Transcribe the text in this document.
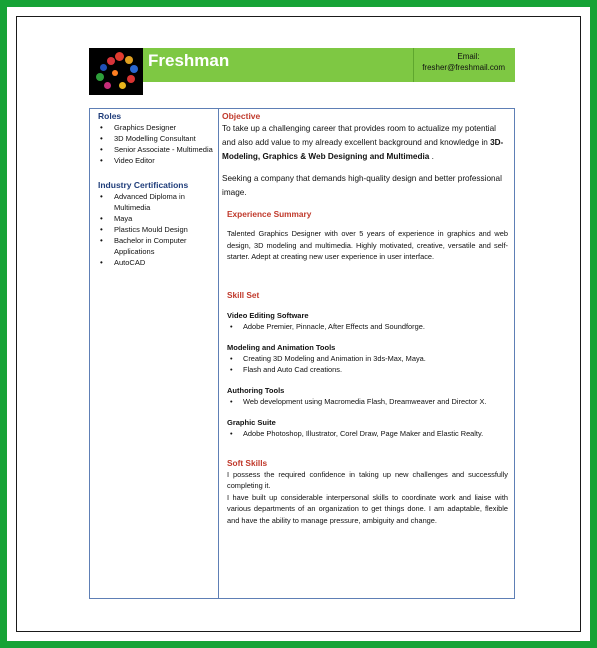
Freshman	Email:
fresher@freshmail.com
Roles
• Graphics Designer
• 3D Modelling Consultant
• Senior Associate - Multimedia
• Video Editor
Industry Certifications
• Advanced Diploma in Multimedia
• Maya
• Plastics Mould Design
• Bachelor in Computer Applications
• AutoCAD
Objective
To take up a challenging career that provides room to actualize my potential and also add value to my already excellent background and knowledge in 3D-Modeling, Graphics & Web Designing and Multimedia .
Seeking a company that demands high-quality design and better professional image.
Experience Summary
Talented Graphics Designer with over 5 years of experience in graphics and web design, 3D modeling and multimedia. Highly motivated, creative, versatile and self-starter. Adept at creating new user experience in user interface.
Skill Set
Video Editing Software
• Adobe Premier, Pinnacle, After Effects and Soundforge.
Modeling and Animation Tools
• Creating 3D Modeling and Animation in 3ds-Max, Maya.
• Flash and Auto Cad creations.
Authoring Tools
• Web development using Macromedia Flash, Dreamweaver and Director X.
Graphic Suite
• Adobe Photoshop, Illustrator, Corel Draw, Page Maker and Elastic Realty.
Soft Skills
I possess the required confidence in taking up new challenges and successfully completing it.
I have built up considerable interpersonal skills to coordinate work and liaise with various departments of an organization to get things done. I am adaptable, flexible and have the ability to manage pressure, ambiguity and change.
